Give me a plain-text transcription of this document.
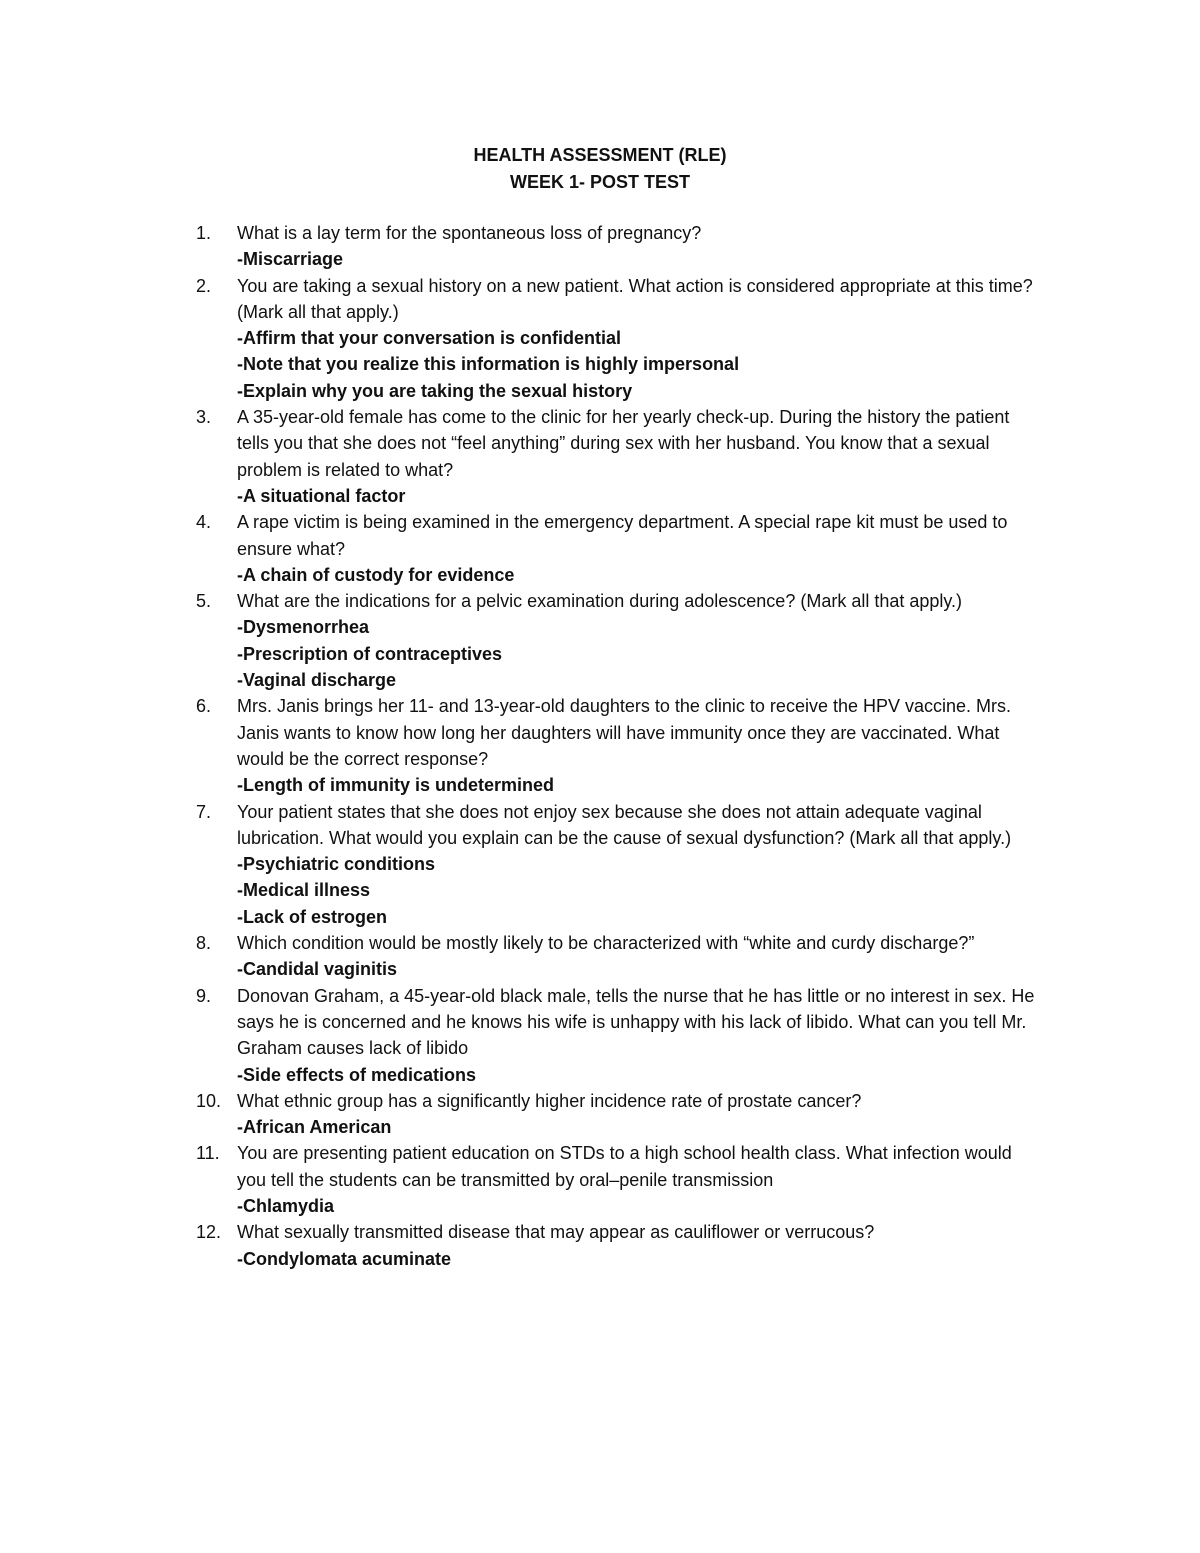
HEALTH ASSESSMENT (RLE)
WEEK 1- POST TEST
1.	What is a lay term for the spontaneous loss of pregnancy?
-Miscarriage
2.	You are taking a sexual history on a new patient. What action is considered appropriate at this time? (Mark all that apply.)
-Affirm that your conversation is confidential
-Note that you realize this information is highly impersonal
-Explain why you are taking the sexual history
3.	A 35-year-old female has come to the clinic for her yearly check-up. During the history the patient tells you that she does not “feel anything” during sex with her husband. You know that a sexual problem is related to what?
-A situational factor
4.	A rape victim is being examined in the emergency department. A special rape kit must be used to ensure what?
-A chain of custody for evidence
5.	What are the indications for a pelvic examination during adolescence? (Mark all that apply.)
-Dysmenorrhea
-Prescription of contraceptives
-Vaginal discharge
6.	Mrs. Janis brings her 11- and 13-year-old daughters to the clinic to receive the HPV vaccine. Mrs. Janis wants to know how long her daughters will have immunity once they are vaccinated. What would be the correct response?
-Length of immunity is undetermined
7.	Your patient states that she does not enjoy sex because she does not attain adequate vaginal lubrication. What would you explain can be the cause of sexual dysfunction? (Mark all that apply.)
-Psychiatric conditions
-Medical illness
-Lack of estrogen
8.	Which condition would be mostly likely to be characterized with “white and curdy discharge?”
-Candidal vaginitis
9.	Donovan Graham, a 45-year-old black male, tells the nurse that he has little or no interest in sex. He says he is concerned and he knows his wife is unhappy with his lack of libido. What can you tell Mr. Graham causes lack of libido
-Side effects of medications
10. What ethnic group has a significantly higher incidence rate of prostate cancer?
-African American
11. You are presenting patient education on STDs to a high school health class. What infection would you tell the students can be transmitted by oral–penile transmission
-Chlamydia
12. What sexually transmitted disease that may appear as cauliflower or verrucous?
-Condylomata acuminate
